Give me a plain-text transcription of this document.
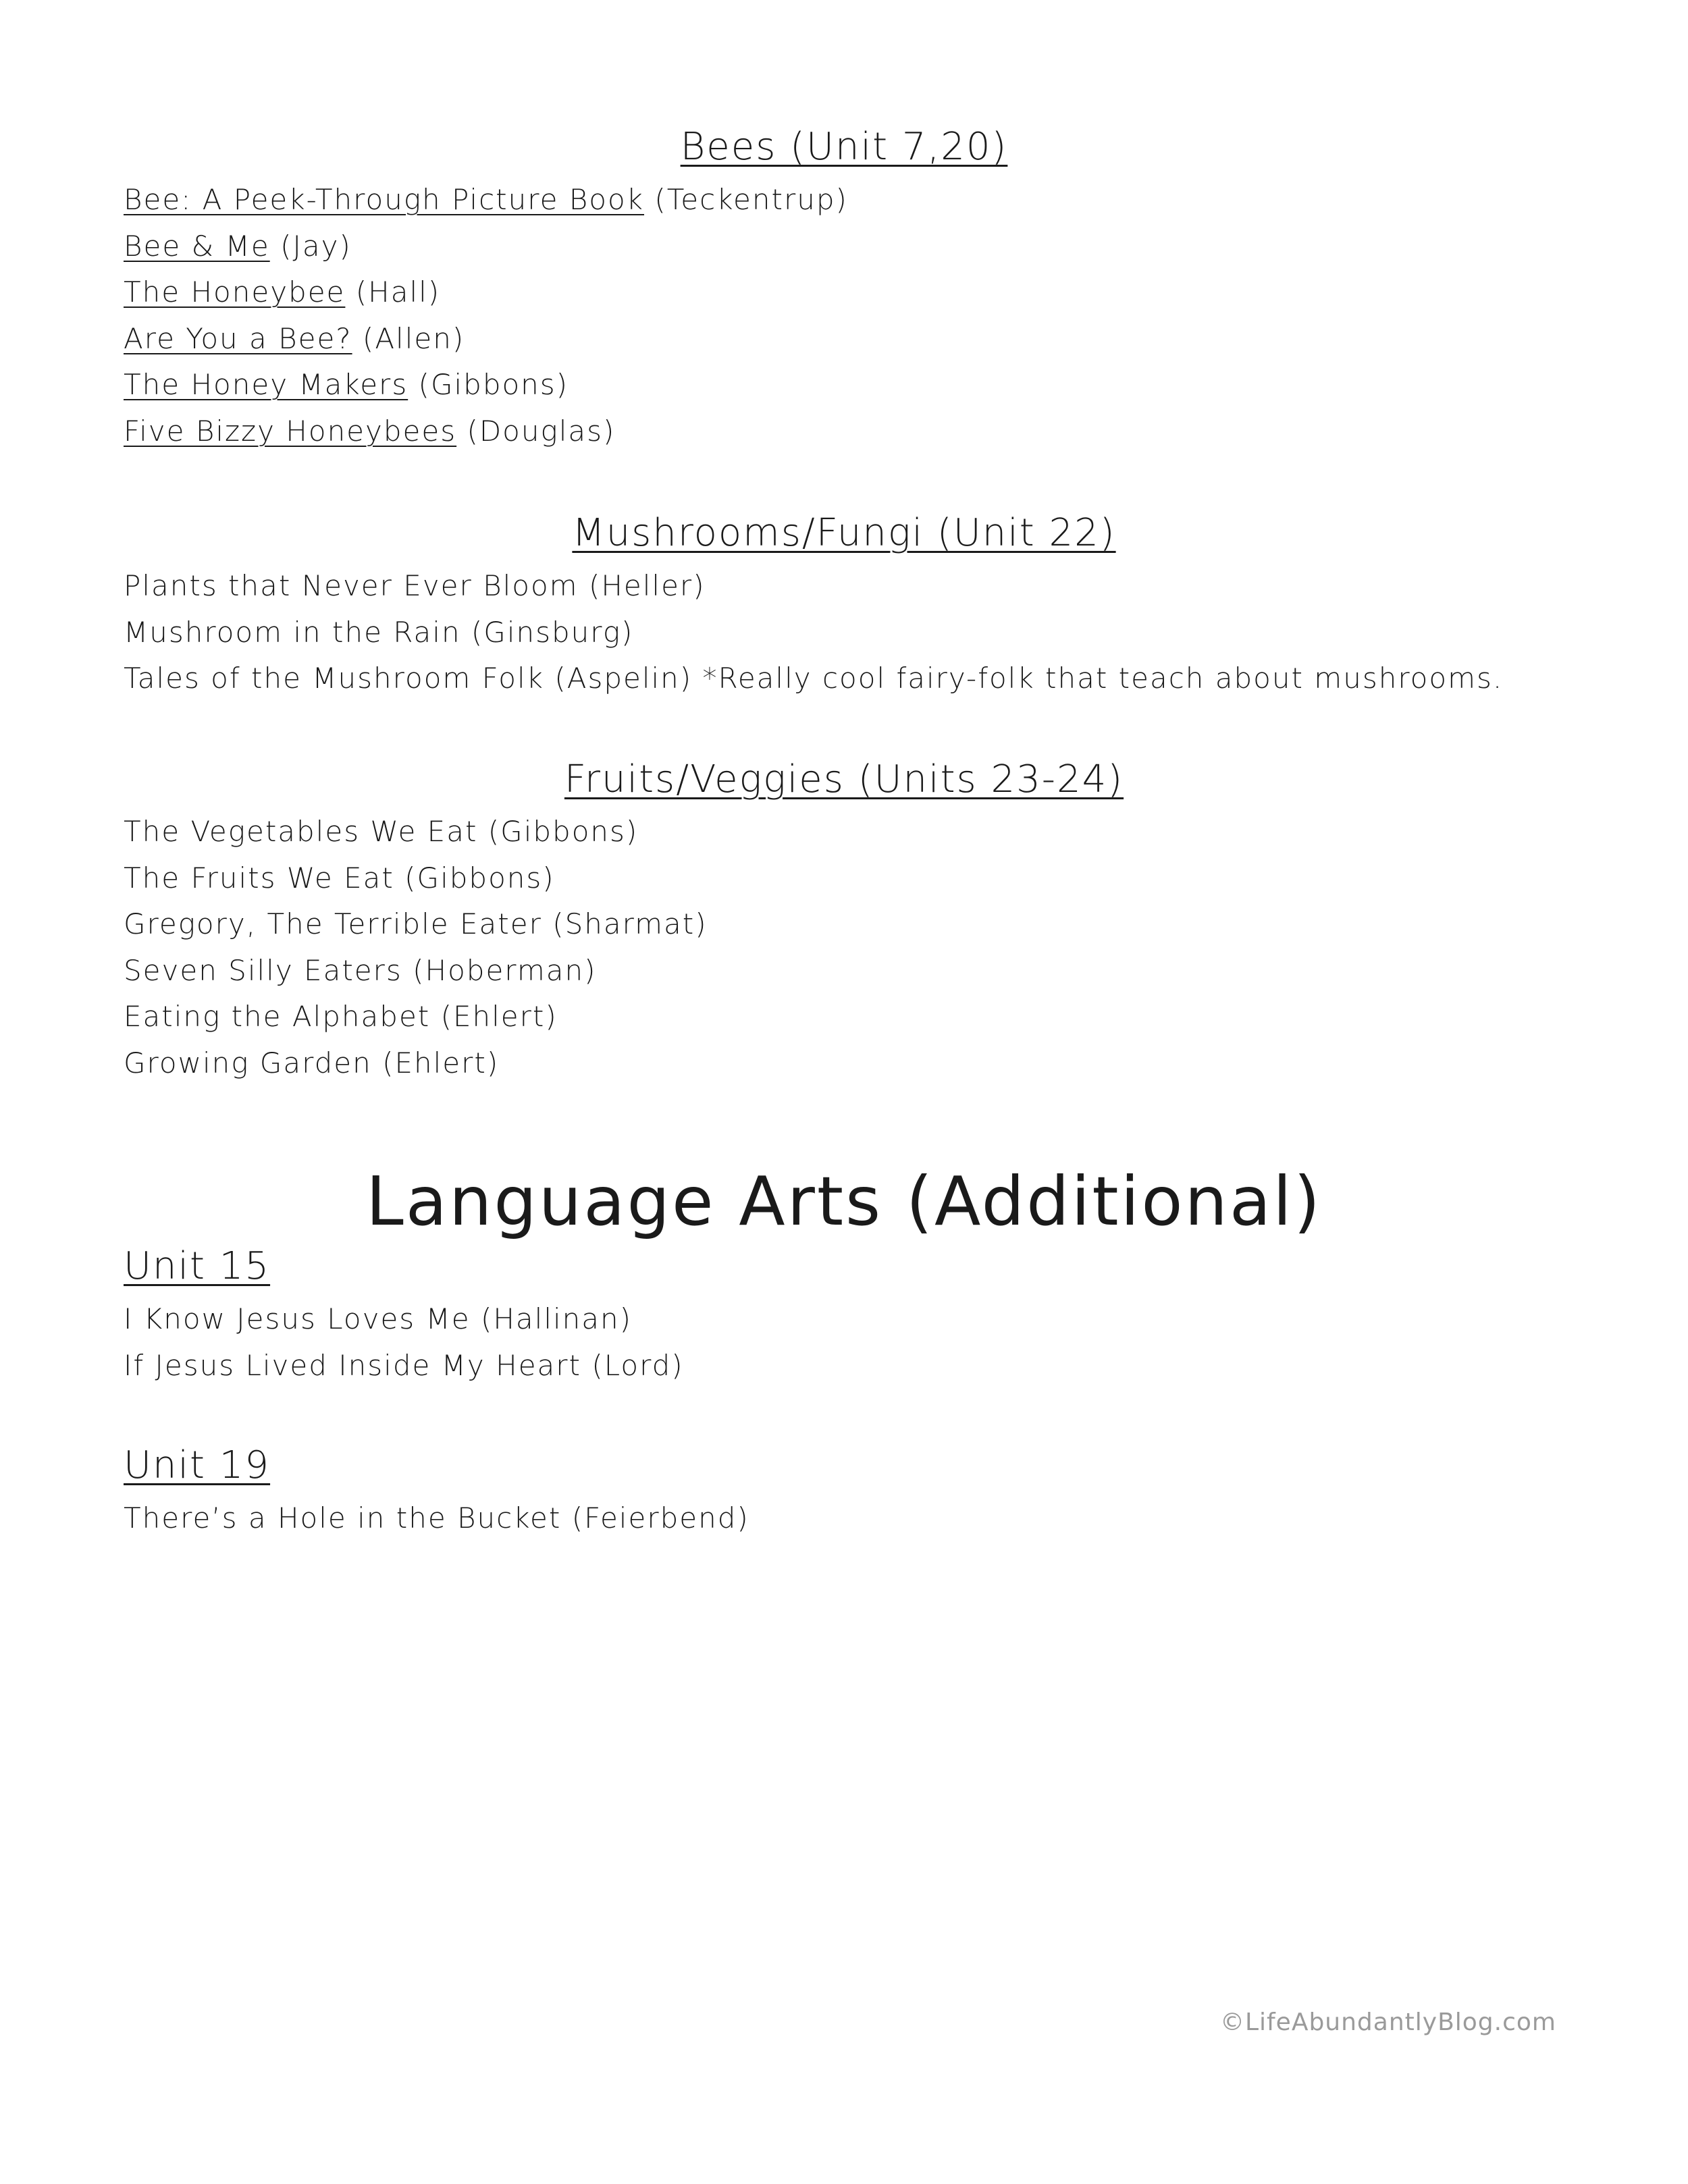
Bees (Unit 7,20)
Bee: A Peek-Through Picture Book (Teckentrup)
Bee & Me (Jay)
The Honeybee (Hall)
Are You a Bee? (Allen)
The Honey Makers (Gibbons)
Five Bizzy Honeybees (Douglas)
Mushrooms/Fungi (Unit 22)
Plants that Never Ever Bloom (Heller)
Mushroom in the Rain (Ginsburg)
Tales of the Mushroom Folk (Aspelin) *Really cool fairy-folk that teach about mushrooms.
Fruits/Veggies (Units 23-24)
The Vegetables We Eat (Gibbons)
The Fruits We Eat (Gibbons)
Gregory, The Terrible Eater (Sharmat)
Seven Silly Eaters (Hoberman)
Eating the Alphabet (Ehlert)
Growing Garden (Ehlert)
Language Arts (Additional)
Unit 15
I Know Jesus Loves Me (Hallinan)
If Jesus Lived Inside My Heart (Lord)
Unit 19
There’s a Hole in the Bucket (Feierbend)
©LifeAbundantlyBlog.com
